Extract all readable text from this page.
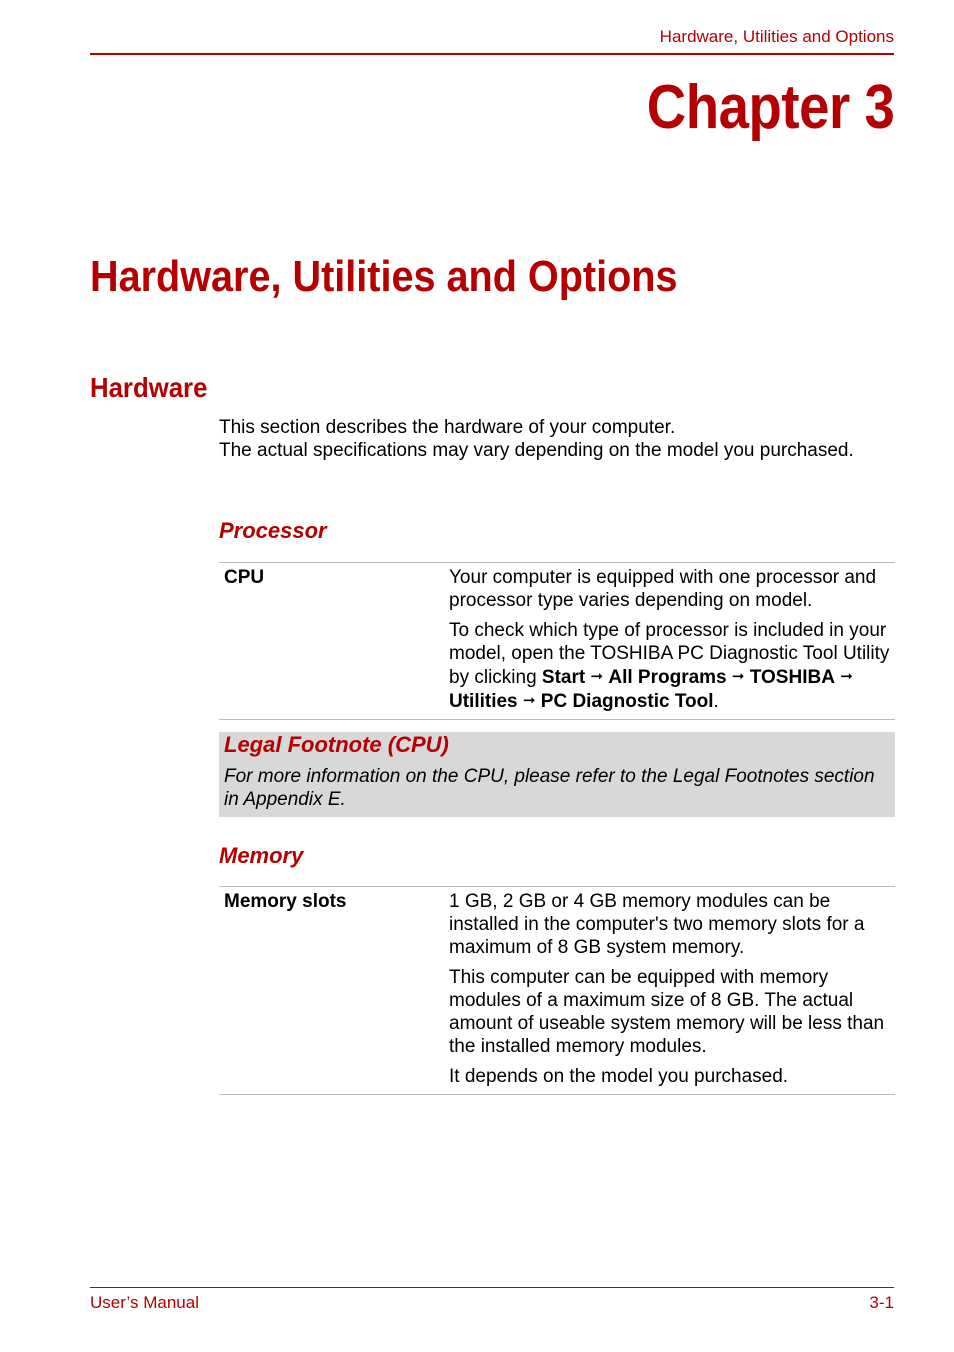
Hardware, Utilities and Options
Chapter 3
Hardware, Utilities and Options
Hardware

This section describes the hardware of your computer.

The actual specifications may vary depending on the model you purchased.

Processor
CPU	Your computer is equipped with one processor and processor type varies depending on model.

To check which type of processor is included in your model, open the TOSHIBA PC Diagnostic Tool Utility by clicking Start ➞ All Programs ➞ TOSHIBA ➞ Utilities ➞ PC Diagnostic Tool.

Legal Footnote (CPU)
For more information on the CPU, please refer to the Legal Footnotes section in Appendix E.
Memory
Memory slots	1 GB, 2 GB or 4 GB memory modules can be installed in the computer's two memory slots for a maximum of 8 GB system memory.

This computer can be equipped with memory modules of a maximum size of 8 GB. The actual amount of useable system memory will be less than the installed memory modules.

It depends on the model you purchased.

User’s Manual	3-1
